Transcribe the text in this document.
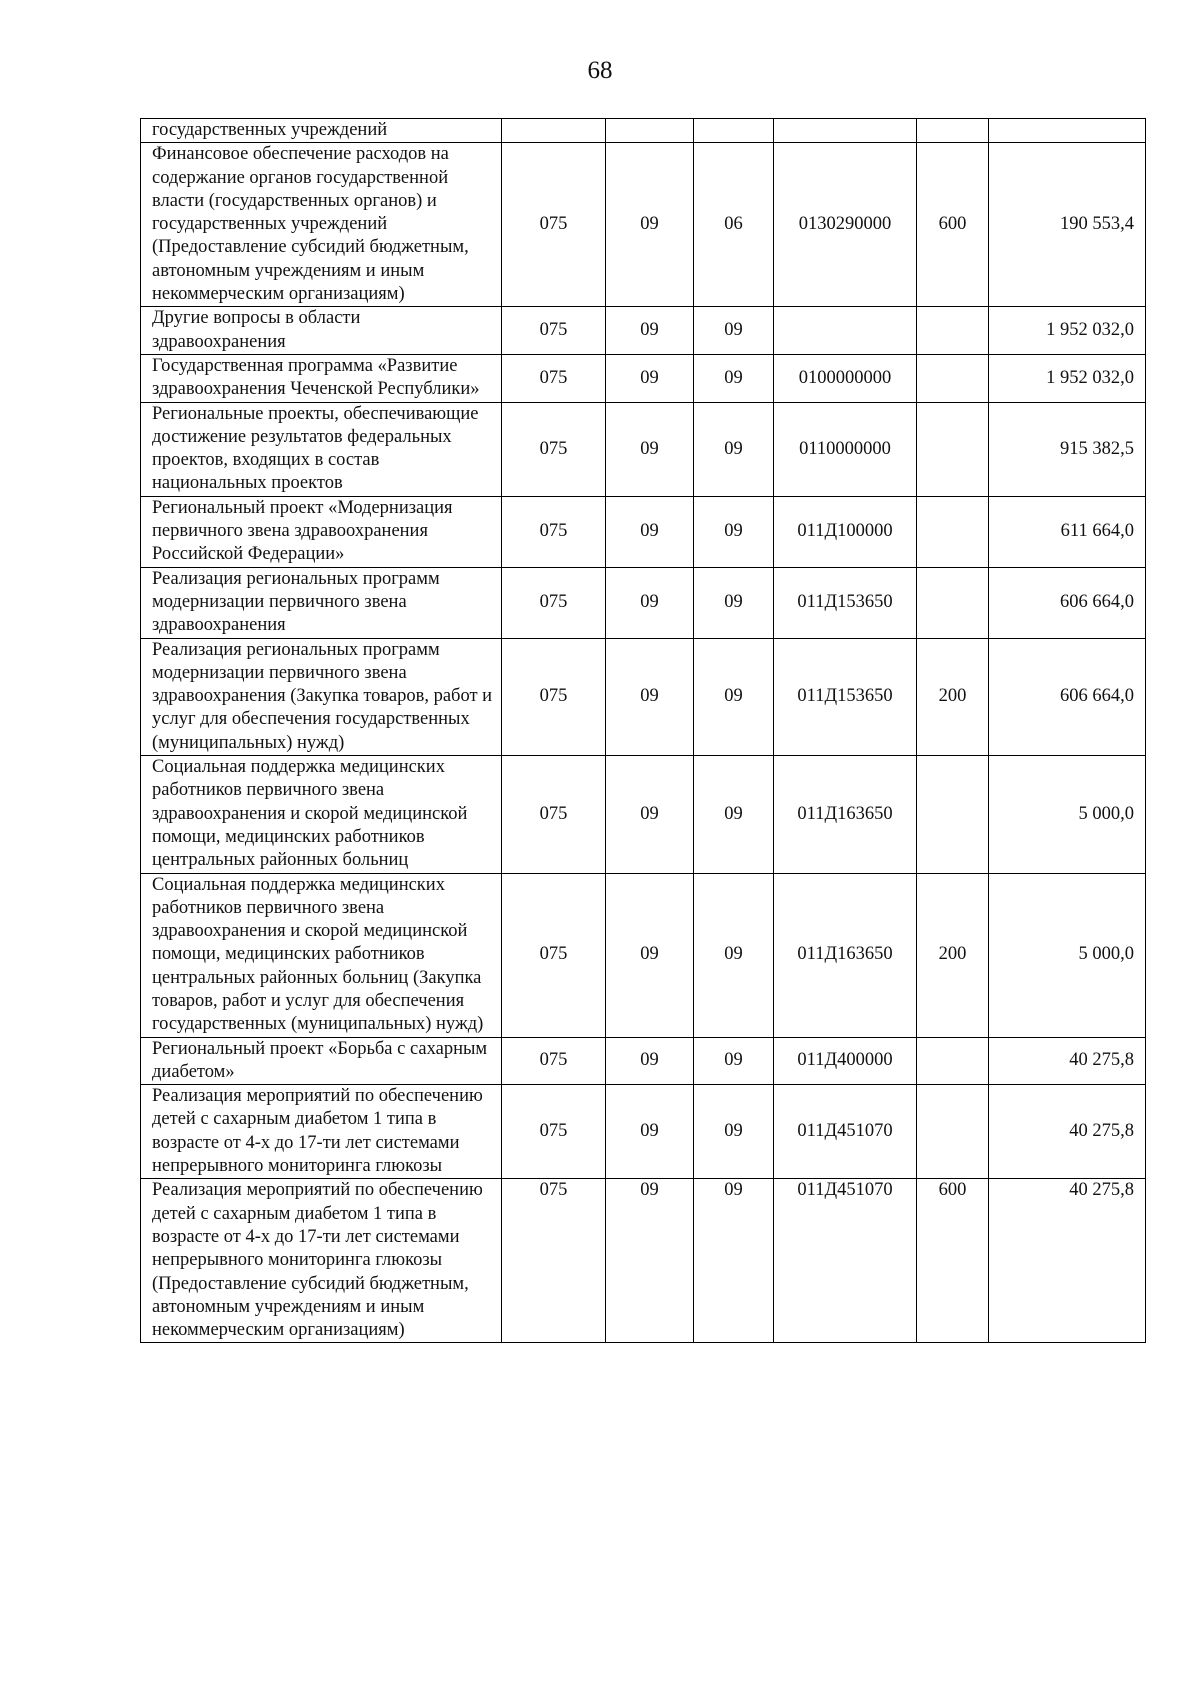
68
государственных учреждений						
Финансовое обеспечение расходов на содержание органов государственной власти (государственных органов) и государственных учреждений (Предоставление субсидий бюджетным, автономным учреждениям и иным некоммерческим организациям)	075	09	06	0130290000	600	190 553,4
Другие вопросы в области здравоохранения	075	09	09			1 952 032,0
Государственная программа «Развитие здравоохранения Чеченской Республики»	075	09	09	0100000000		1 952 032,0
Региональные проекты, обеспечивающие достижение результатов федеральных проектов, входящих в состав национальных проектов	075	09	09	0110000000		915 382,5
Региональный проект «Модернизация первичного звена здравоохранения Российской Федерации»	075	09	09	011Д100000		611 664,0
Реализация региональных программ модернизации первичного звена здравоохранения	075	09	09	011Д153650		606 664,0
Реализация региональных программ модернизации первичного звена здравоохранения (Закупка товаров, работ и услуг для обеспечения государственных (муниципальных) нужд)	075	09	09	011Д153650	200	606 664,0
Социальная поддержка медицинских работников первичного звена здравоохранения и скорой медицинской помощи, медицинских работников центральных районных больниц	075	09	09	011Д163650		5 000,0
Социальная поддержка медицинских работников первичного звена здравоохранения и скорой медицинской помощи, медицинских работников центральных районных больниц (Закупка товаров, работ и услуг для обеспечения государственных (муниципальных) нужд)	075	09	09	011Д163650	200	5 000,0
Региональный проект «Борьба с сахарным диабетом»	075	09	09	011Д400000		40 275,8
Реализация мероприятий по обеспечению детей с сахарным диабетом 1 типа в возрасте от 4-х до 17-ти лет системами непрерывного мониторинга глюкозы	075	09	09	011Д451070		40 275,8
Реализация мероприятий по обеспечению детей с сахарным диабетом 1 типа в возрасте от 4-х до 17-ти лет системами непрерывного мониторинга глюкозы (Предоставление субсидий бюджетным, автономным учреждениям и иным некоммерческим организациям)	075	09	09	011Д451070	600	40 275,8
